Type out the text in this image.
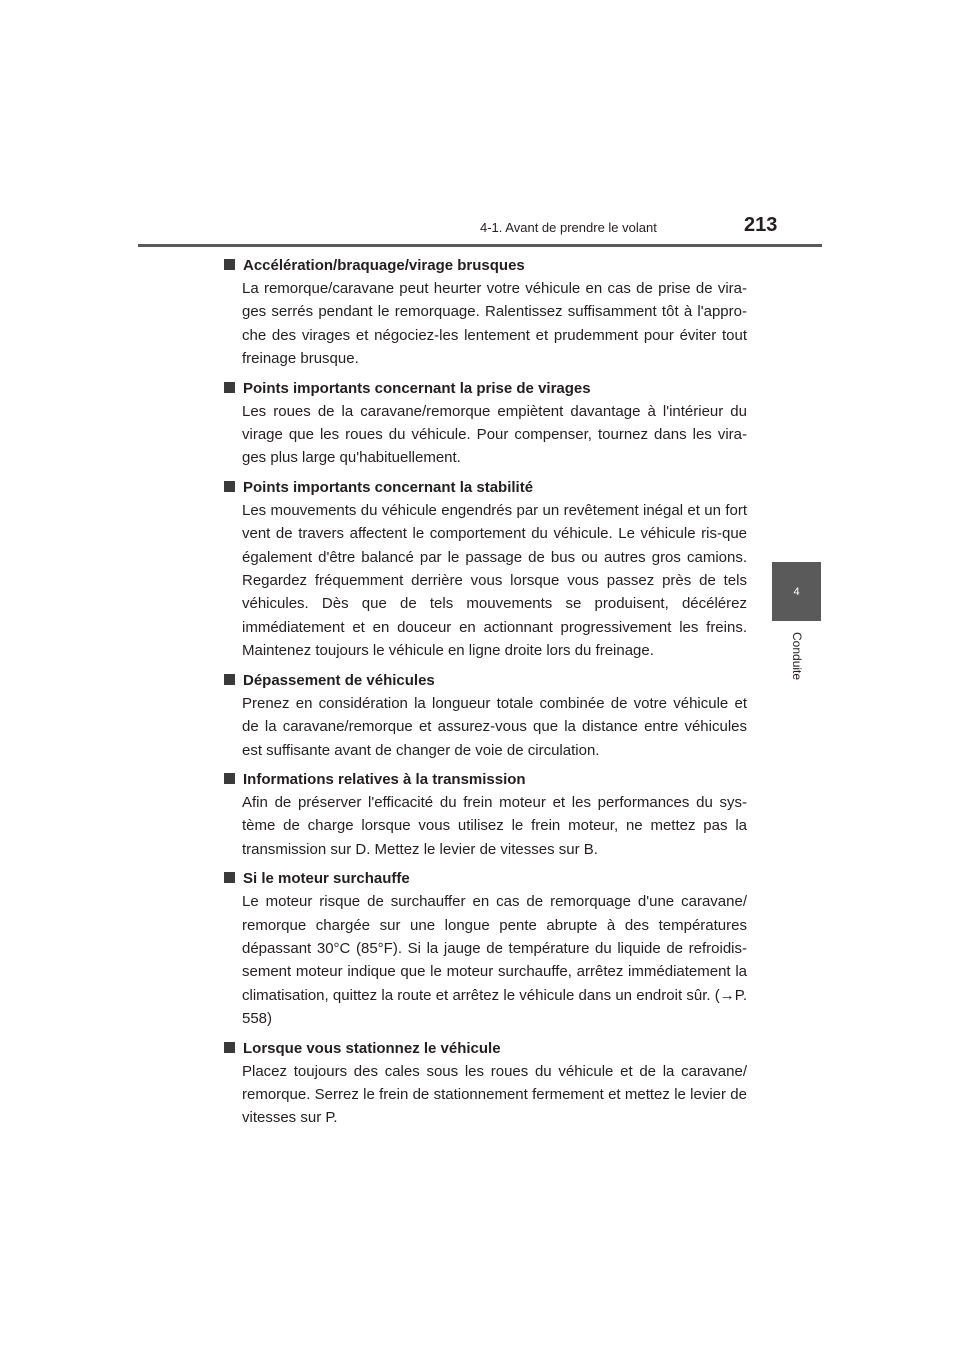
4-1. Avant de prendre le volant	213
4
Conduite
Accélération/braquage/virage brusques

La remorque/caravane peut heurter votre véhicule en cas de prise de vira-ges serrés pendant le remorquage. Ralentissez suffisamment tôt à l'appro-che des virages et négociez-les lentement et prudemment pour éviter tout freinage brusque.

Points importants concernant la prise de virages

Les roues de la caravane/remorque empiètent davantage à l'intérieur du virage que les roues du véhicule. Pour compenser, tournez dans les vira-ges plus large qu'habituellement.

Points importants concernant la stabilité

Les mouvements du véhicule engendrés par un revêtement inégal et un fort vent de travers affectent le comportement du véhicule. Le véhicule ris-que également d'être balancé par le passage de bus ou autres gros camions. Regardez fréquemment derrière vous lorsque vous passez près de tels véhicules. Dès que de tels mouvements se produisent, décélérez immédiatement et en douceur en actionnant progressivement les freins. Maintenez toujours le véhicule en ligne droite lors du freinage.

Dépassement de véhicules

Prenez en considération la longueur totale combinée de votre véhicule et de la caravane/remorque et assurez-vous que la distance entre véhicules est suffisante avant de changer de voie de circulation.

Informations relatives à la transmission

Afin de préserver l'efficacité du frein moteur et les performances du sys-tème de charge lorsque vous utilisez le frein moteur, ne mettez pas la transmission sur D. Mettez le levier de vitesses sur B.

Si le moteur surchauffe

Le moteur risque de surchauffer en cas de remorquage d'une caravane/ remorque chargée sur une longue pente abrupte à des températures dépassant 30°C (85°F). Si la jauge de température du liquide de refroidis-sement moteur indique que le moteur surchauffe, arrêtez immédiatement la climatisation, quittez la route et arrêtez le véhicule dans un endroit sûr. (→P. 558)

Lorsque vous stationnez le véhicule

Placez toujours des cales sous les roues du véhicule et de la caravane/ remorque. Serrez le frein de stationnement fermement et mettez le levier de vitesses sur P.
